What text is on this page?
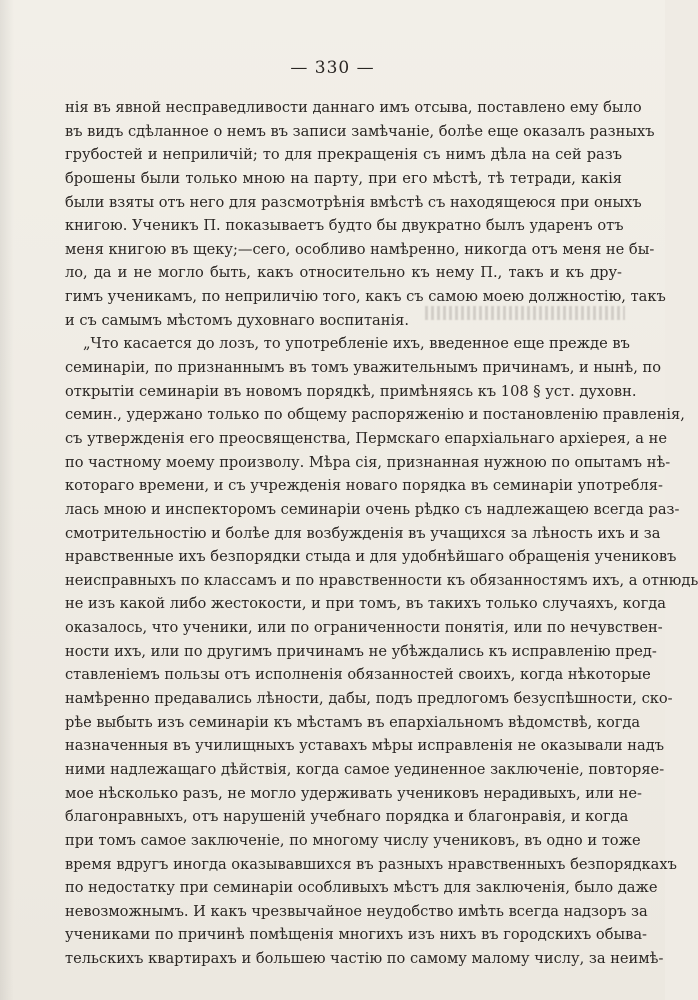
— 330 —
нія въ явной несправедливости даннаго имъ отсыва, поставлено ему было
въ видъ сдѣланное о немъ въ записи замѣчаніе, болѣе еще оказалъ разныхъ
грубостей и неприличій; то для прекращенія съ нимъ дѣла на сей разъ
брошены были только мною на парту, при его мѣстѣ, тѣ тетради, какія
были взяты отъ него для разсмотрѣнія вмѣстѣ съ находящеюся при оныхъ
книгою. Ученикъ П. показываетъ будто бы двукратно былъ ударенъ отъ
меня книгою въ щеку;—сего, особливо намѣренно, никогда отъ меня не бы-
ло, да и не могло быть, какъ относительно къ нему П., такъ и къ дру-
гимъ ученикамъ, по неприличію того, какъ съ самою моею должностію, такъ
и съ самымъ мѣстомъ духовнаго воспитанія.
„Что касается до лозъ, то употребленіе ихъ, введенное еще прежде въ
семинаріи, по признаннымъ въ томъ уважительнымъ причинамъ, и нынѣ, по
открытіи семинаріи въ новомъ порядкѣ, примѣняясь къ 108 § уст. духовн.
семин., удержано только по общему распоряженію и постановленію правленія,
съ утвержденія его преосвященства, Пермскаго епархіальнаго архіерея, а не
по частному моему произволу. Мѣра сія, признанная нужною по опытамъ нѣ-
котораго времени, и съ учрежденія новаго порядка въ семинаріи употребля-
лась мною и инспекторомъ семинаріи очень рѣдко съ надлежащею всегда раз-
смотрительностію и болѣе для возбужденія въ учащихся за лѣность ихъ и за
нравственные ихъ безпорядки стыда и для удобнѣйшаго обращенія учениковъ
неисправныхъ по классамъ и по нравственности къ обязанностямъ ихъ, а отнюдь
не изъ какой либо жестокости, и при томъ, въ такихъ только случаяхъ, когда
оказалось, что ученики, или по ограниченности понятія, или по нечувствен-
ности ихъ, или по другимъ причинамъ не убѣждались къ исправленію пред-
ставленіемъ пользы отъ исполненія обязанностей своихъ, когда нѣкоторые
намѣренно предавались лѣности, дабы, подъ предлогомъ безуспѣшности, ско-
рѣе выбыть изъ семинаріи къ мѣстамъ въ епархіальномъ вѣдомствѣ, когда
назначенныя въ училищныхъ уставахъ мѣры исправленія не оказывали надъ
ними надлежащаго дѣйствія, когда самое уединенное заключеніе, повторяе-
мое нѣсколько разъ, не могло удерживать учениковъ нерадивыхъ, или не-
благонравныхъ, отъ нарушеній учебнаго порядка и благонравія, и когда
при томъ самое заключеніе, по многому числу учениковъ, въ одно и тоже
время вдругъ иногда оказывавшихся въ разныхъ нравственныхъ безпорядкахъ
по недостатку при семинаріи особливыхъ мѣстъ для заключенія, было даже
невозможнымъ. И какъ чрезвычайное неудобство имѣть всегда надзоръ за
учениками по причинѣ помѣщенія многихъ изъ нихъ въ городскихъ обыва-
тельскихъ квартирахъ и большею частію по самому малому числу, за неимѣ-
